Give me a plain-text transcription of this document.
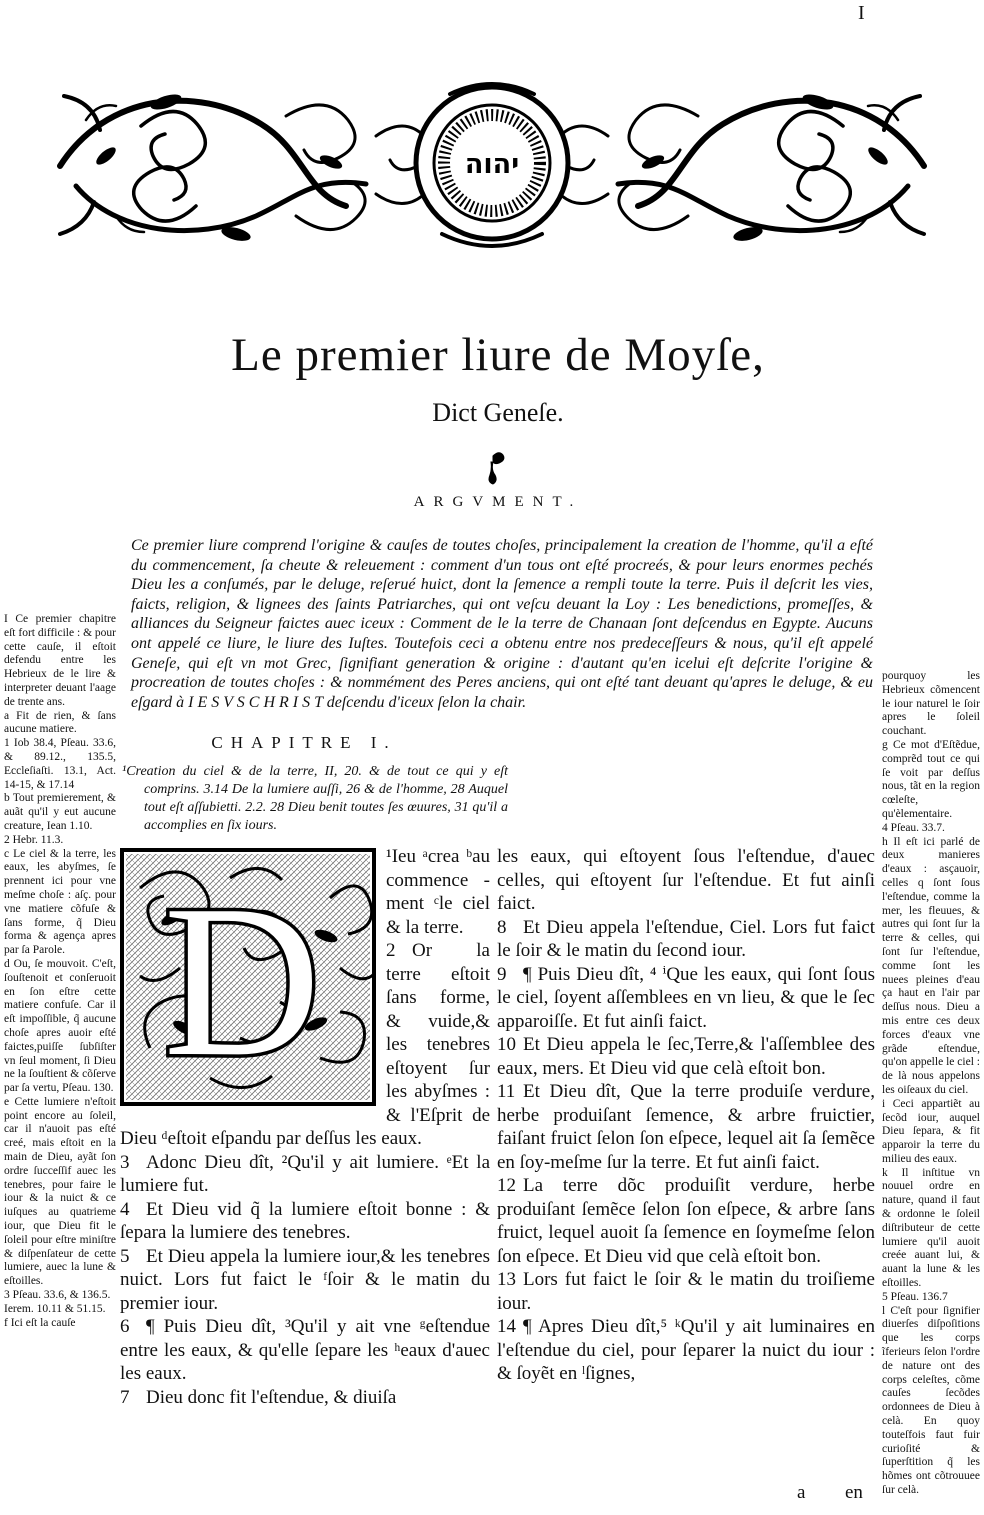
I
יהוה
Le premier liure de Moyſe,
Dict Geneſe.
ARGVMENT.
Ce premier liure comprend l'origine & cauſes de toutes choſes, principalement la creation de l'homme, qu'il a eſté du commencement, ſa cheute & releuement : comment d'un tous ont eſté procreés, & pour leurs enormes pechés Dieu les a conſumés, par le deluge, reſerué huict, dont la ſemence a rempli toute la terre. Puis il deſcrit les vies, faicts, religion, & lignees des ſaints Patriarches, qui ont veſcu deuant la Loy : Les benedictions, promeſſes, & alliances du Seigneur faictes auec iceux : Comment de le la terre de Chanaan ſont deſcendus en Egypte. Aucuns ont appelé ce liure, le liure des Iuſtes. Toutefois ceci a obtenu entre nos predeceſſeurs & nous, qu'il eſt appelé Geneſe, qui eſt vn mot Grec, ſignifiant generation & origine : d'autant qu'en icelui eſt deſcrite l'origine & procreation de toutes choſes : & nommément des Peres anciens, qui ont eſté tant deuant qu'apres le deluge, & eu eſgard à I E S V S C H R I S T deſcendu d'iceux ſelon la chair.

I Ce premier chapitre eſt fort difficile : & pour cette cauſe, il eſtoit defendu entre les Hebrieux de le lire & interpreter deuant l'aage de trente ans.

a Fit de rien, & ſans aucune matiere.

1 Iob 38.4, Pſeau. 33.6, & 89.12., 135.5, Eccleſiaſti. 13.1, Act. 14-15, & 17.14

b Tout premierement, & auãt qu'il y eut aucune creature, Iean 1.10.

2 Hebr. 11.3.

c Le ciel & la terre, les eaux, les abyſmes, ſe prennent ici pour vne meſme choſe : aſç. pour vne matiere cõfuſe & ſans forme, q̃ Dieu forma & agença apres par ſa Parole.

d Ou, ſe mouvoit. C'eſt, ſouſtenoit et conſeruoit en ſon eſtre cette matiere confuſe. Car il eſt impoſſible, q̃ aucune choſe apres auoir eſté faictes,puiſſe ſubſiſter vn ſeul moment, ſi Dieu ne la ſouſtient & cõſerve par ſa vertu, Pſeau. 130.

e Cette lumiere n'eſtoit point encore au ſoleil, car il n'auoit pas eſté creé, mais eſtoit en la main de Dieu, ayãt ſon ordre ſucceſſif auec les tenebres, pour faire le iour & la nuict & ce iuſques au quatrieme iour, que Dieu fit le ſoleil pour eſtre miniſtre & diſpenſateur de cette lumiere, auec la lune & eſtoilles.

3 Pſeau. 33.6, & 136.5.

Ierem. 10.11 & 51.15.

f Ici eſt la cauſe

pourquoy les Hebrieux cõmencent le iour naturel le ſoir apres le ſoleil couchant.

g Ce mot d'Eſtẽdue, comprẽd tout ce qui ſe voit par deſſus nous, tãt en la region cœleſte, qu'èlementaire.

4 Pſeau. 33.7.

h Il eſt ici parlé de deux manieres d'eaux : asçauoir, celles q ſont ſous l'eſtendue, comme la mer, les fleuues, & autres qui ſont ſur la terre & celles, qui ſont ſur l'eſtendue, comme ſont les nuees pleines d'eau ça haut en l'air par deſſus nous. Dieu a mis entre ces deux forces d'eaux vne grãde eſtendue, qu'on appelle le ciel : de là nous appelons les oiſeaux du ciel.

i Ceci appartiẽt au ſecõd iour, auquel Dieu ſepara, & fit apparoir la terre du milieu des eaux.

k Il inſtitue vn nouuel ordre en nature, quand il faut & ordonne le ſoleil diſtributeur de cette lumiere qu'il auoit creée auant lui, & auant la lune & les eſtoilles.

5 Pſeau. 136.7

l C'eſt pour ſignifier diuerſes diſpoſitions que les corps ĩferieurs ſelon l'ordre de nature ont des corps celeſtes, cõme cauſes ſecõdes ordonnees de Dieu à celà. En quoy touteſfois faut fuir curioſité & ſuperſtition q̃ les hõmes ont cõtrouuee ſur celà.

CHAPITRE I.
¹Creation du ciel & de la terre, II, 20. & de tout ce qui y eſt comprins. 3.14 De la lumiere auſſi, 26 & de l'homme, 28 Auquel tout eſt aſſubietti. 2.2. 28 Dieu benit toutes ſes œuures, 31 qu'il a accomplies en ſix iours.
D

¹Ieu ᵃcrea ᵇau commence - ment ᶜle ciel & la terre.

2 Or la terre eſtoit ſans forme, & vuide,& les tenebres eſtoyent ſur les abyſmes : & l'Eſprit de Dieu ᵈeſtoit eſpandu par deſſus les eaux.

3 Adonc Dieu dît, ²Qu'il y ait lumiere. ᵉEt la lumiere fut.

4 Et Dieu vid q̃ la lumiere eſtoit bonne : & ſepara la lumiere des tenebres.

5 Et Dieu appela la lumiere iour,& les tenebres nuict. Lors fut faict le ᶠſoir & le matin du premier iour.

6 ¶ Puis Dieu dît, ³Qu'il y ait vne ᵍeſtendue entre les eaux, & qu'elle ſepare les ʰeaux d'auec les eaux.

7 Dieu donc fit l'eſtendue, & diuiſa

les eaux, qui eſtoyent ſous l'eſtendue, d'auec celles, qui eſtoyent ſur l'eſtendue. Et fut ainſi faict.

8 Et Dieu appela l'eſtendue, Ciel. Lors fut faict le ſoir & le matin du ſecond iour.

9 ¶ Puis Dieu dît, ⁴ ⁱQue les eaux, qui ſont ſous le ciel, ſoyent aſſemblees en vn lieu, & que le ſec apparoiſſe. Et fut ainſi faict.

10 Et Dieu appela le ſec,Terre,& l'aſſemblee des eaux, mers. Et Dieu vid que celà eſtoit bon.

11 Et Dieu dît, Que la terre produiſe verdure, herbe produiſant ſemence, & arbre fruictier, faiſant fruict ſelon ſon eſpece, lequel ait ſa ſemẽce en ſoy-meſme ſur la terre. Et fut ainſi faict.

12 La terre dõc produiſit verdure, herbe produiſant ſemẽce ſelon ſon eſpece, & arbre ſans fruict, lequel auoit ſa ſemence en ſoymeſme ſelon ſon eſpece. Et Dieu vid que celà eſtoit bon.

13 Lors fut faict le ſoir & le matin du troiſieme iour.

14 ¶ Apres Dieu dît,⁵ ᵏQu'il y ait luminaires en l'eſtendue du ciel, pour ſeparer la nuict du iour : & ſoyẽt en ˡſignes,

a en
